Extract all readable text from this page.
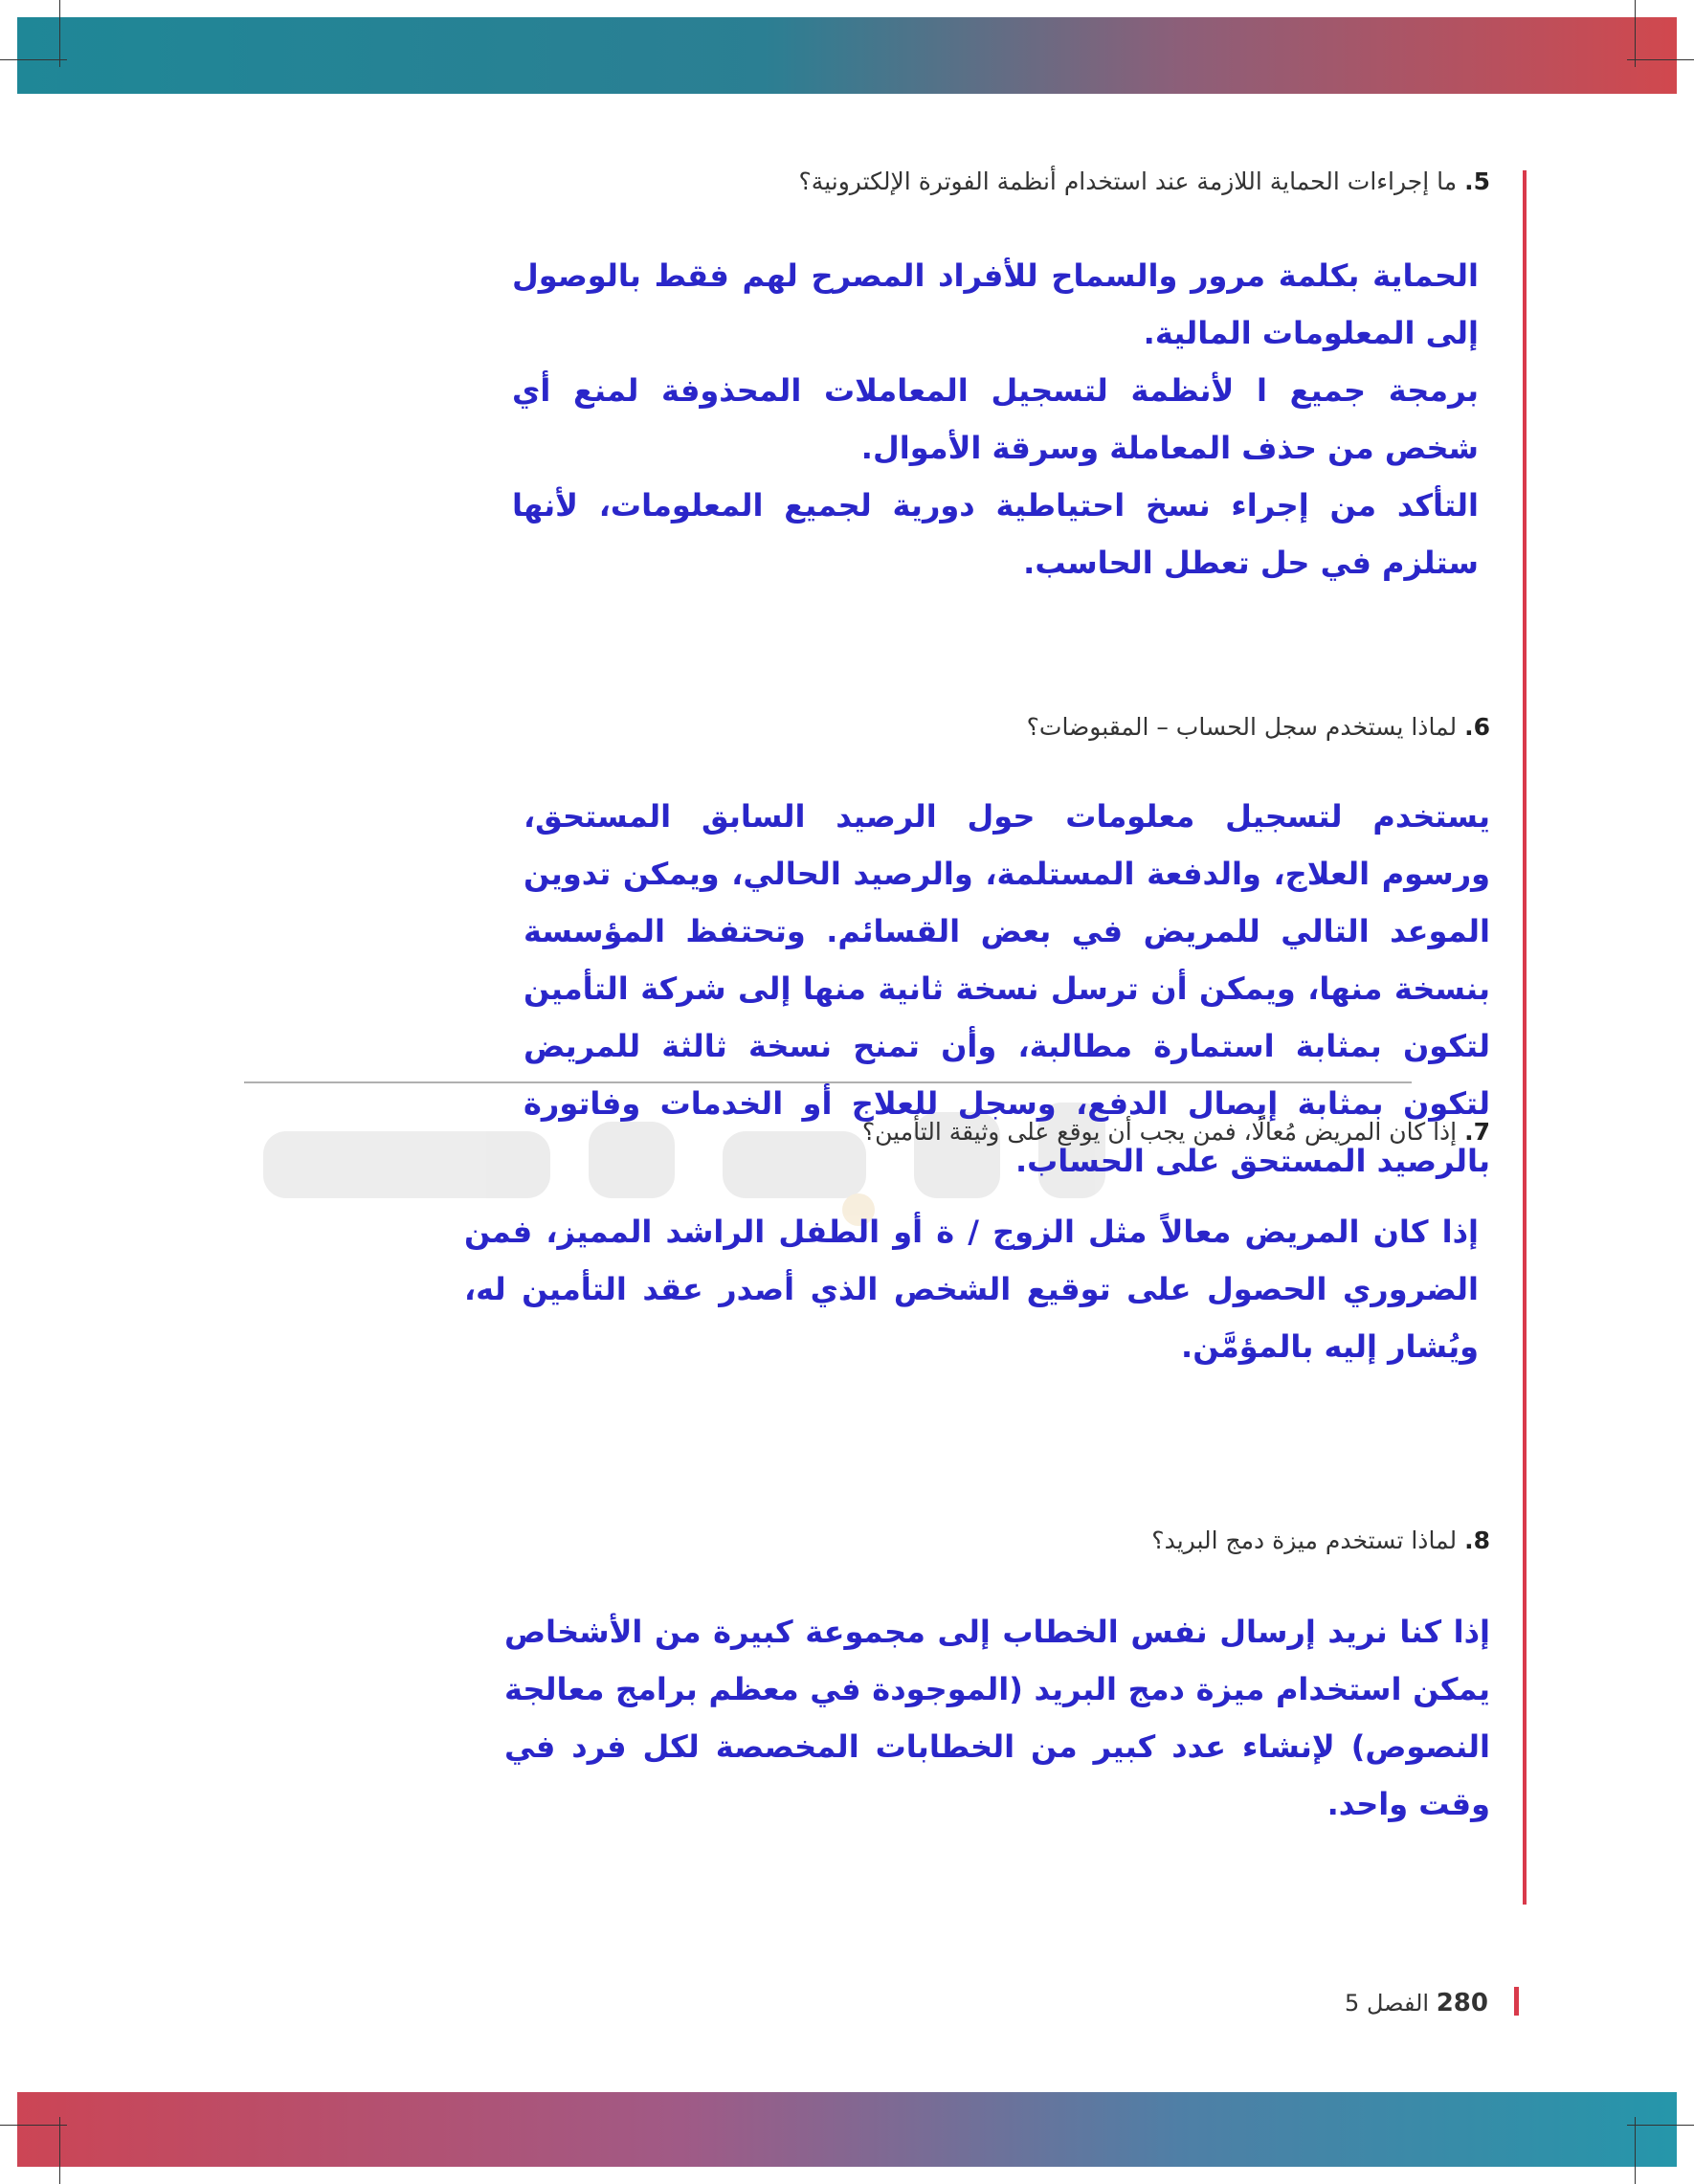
5. ما إجراءات الحماية اللازمة عند استخدام أنظمة الفوترة الإلكترونية؟

الحماية بكلمة مرور والسماح للأفراد المصرح لهم فقط بالوصول إلى المعلومات المالية.

برمجة جميع ا لأنظمة لتسجيل المعاملات المحذوفة لمنع أي شخص من حذف المعاملة وسرقة الأموال.

التأكد من إجراء نسخ احتياطية دورية لجميع المعلومات، لأنها ستلزم في حل تعطل الحاسب.

6. لماذا يستخدم سجل الحساب – المقبوضات؟

يستخدم لتسجيل معلومات حول الرصيد السابق المستحق، ورسوم العلاج، والدفعة المستلمة، والرصيد الحالي، ويمكن تدوين الموعد التالي للمريض في بعض القسائم. وتحتفظ المؤسسة بنسخة منها، ويمكن أن ترسل نسخة ثانية منها إلى شركة التأمين لتكون بمثابة استمارة مطالبة، وأن تمنح نسخة ثالثة للمريض لتكون بمثابة إيصال الدفع، وسجل للعلاج أو الخدمات وفاتورة بالرصيد المستحق على الحساب.

7. إذا كان المريض مُعالًا، فمن يجب أن يوقع على وثيقة التأمين؟

إذا كان المريض معالاً مثل الزوج / ة أو الطفل الراشد المميز، فمن الضروري الحصول على توقيع الشخص الذي أصدر عقد التأمين له، ويُشار إليه بالمؤمَّن.

8. لماذا تستخدم ميزة دمج البريد؟

إذا كنا نريد إرسال نفس الخطاب إلى مجموعة كبيرة من الأشخاص يمكن استخدام ميزة دمج البريد (الموجودة في معظم برامج معالجة النصوص) لإنشاء عدد كبير من الخطابات المخصصة لكل فرد في وقت واحد.

280 الفصل 5
